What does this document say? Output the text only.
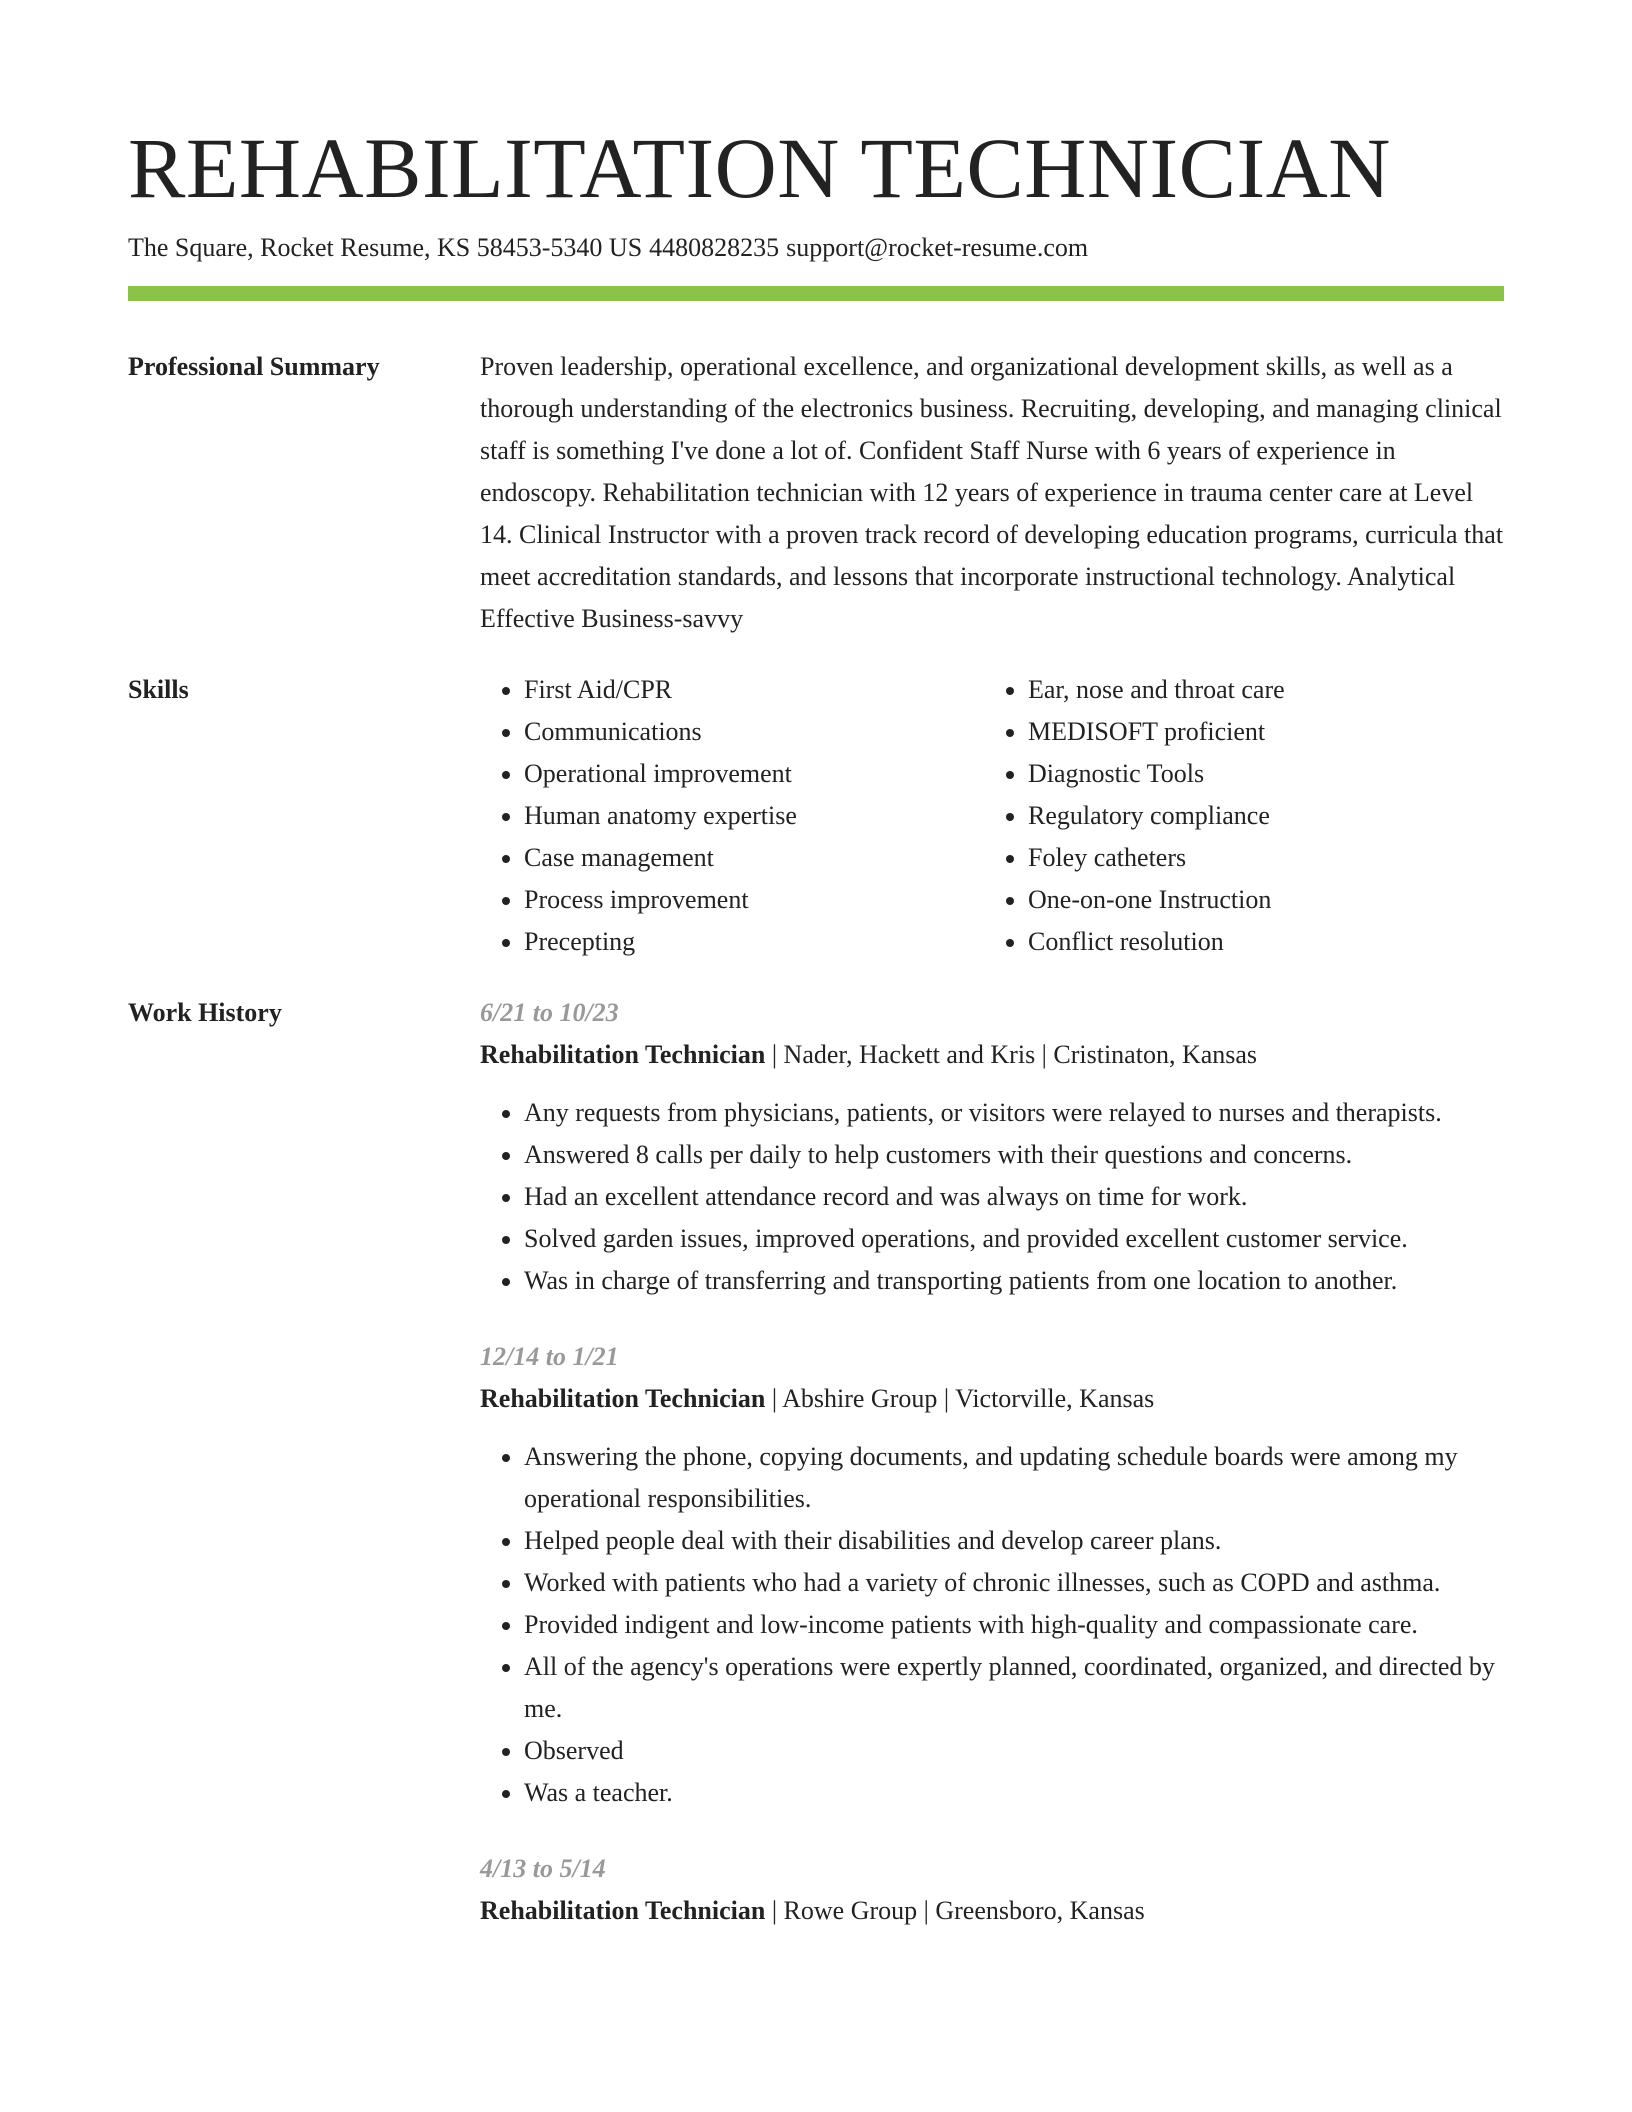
REHABILITATION TECHNICIAN
The Square, Rocket Resume, KS 58453-5340 US 4480828235 support@rocket-resume.com
Professional Summary	Proven leadership, operational excellence, and organizational development skills, as well as a thorough understanding of the electronics business. Recruiting, developing, and managing clinical staff is something I've done a lot of. Confident Staff Nurse with 6 years of experience in endoscopy. Rehabilitation technician with 12 years of experience in trauma center care at Level 14. Clinical Instructor with a proven track record of developing education programs, curricula that meet accreditation standards, and lessons that incorporate instructional technology. Analytical Effective Business-savvy

Skills
•	First Aid/CPR
• Communications
• Operational improvement
• Human anatomy expertise
• Case management
• Process improvement
• Precepting
• Ear, nose and throat care
• MEDISOFT proficient
• Diagnostic Tools
• Regulatory compliance
• Foley catheters
• One-on-one Instruction
• Conflict resolution
Work History	6/21 to 10/23
Rehabilitation Technician | Nader, Hackett and Kris | Cristinaton, Kansas
• Any requests from physicians, patients, or visitors were relayed to nurses and therapists.
• Answered 8 calls per daily to help customers with their questions and concerns.
• Had an excellent attendance record and was always on time for work.
• Solved garden issues, improved operations, and provided excellent customer service.
• Was in charge of transferring and transporting patients from one location to another.
12/14 to 1/21
Rehabilitation Technician | Abshire Group | Victorville, Kansas
• Answering the phone, copying documents, and updating schedule boards were among my operational responsibilities.
• Helped people deal with their disabilities and develop career plans.
• Worked with patients who had a variety of chronic illnesses, such as COPD and asthma.
• Provided indigent and low-income patients with high-quality and compassionate care.
• All of the agency's operations were expertly planned, coordinated, organized, and directed by me.
• Observed
• Was a teacher.
4/13 to 5/14
Rehabilitation Technician | Rowe Group | Greensboro, Kansas
